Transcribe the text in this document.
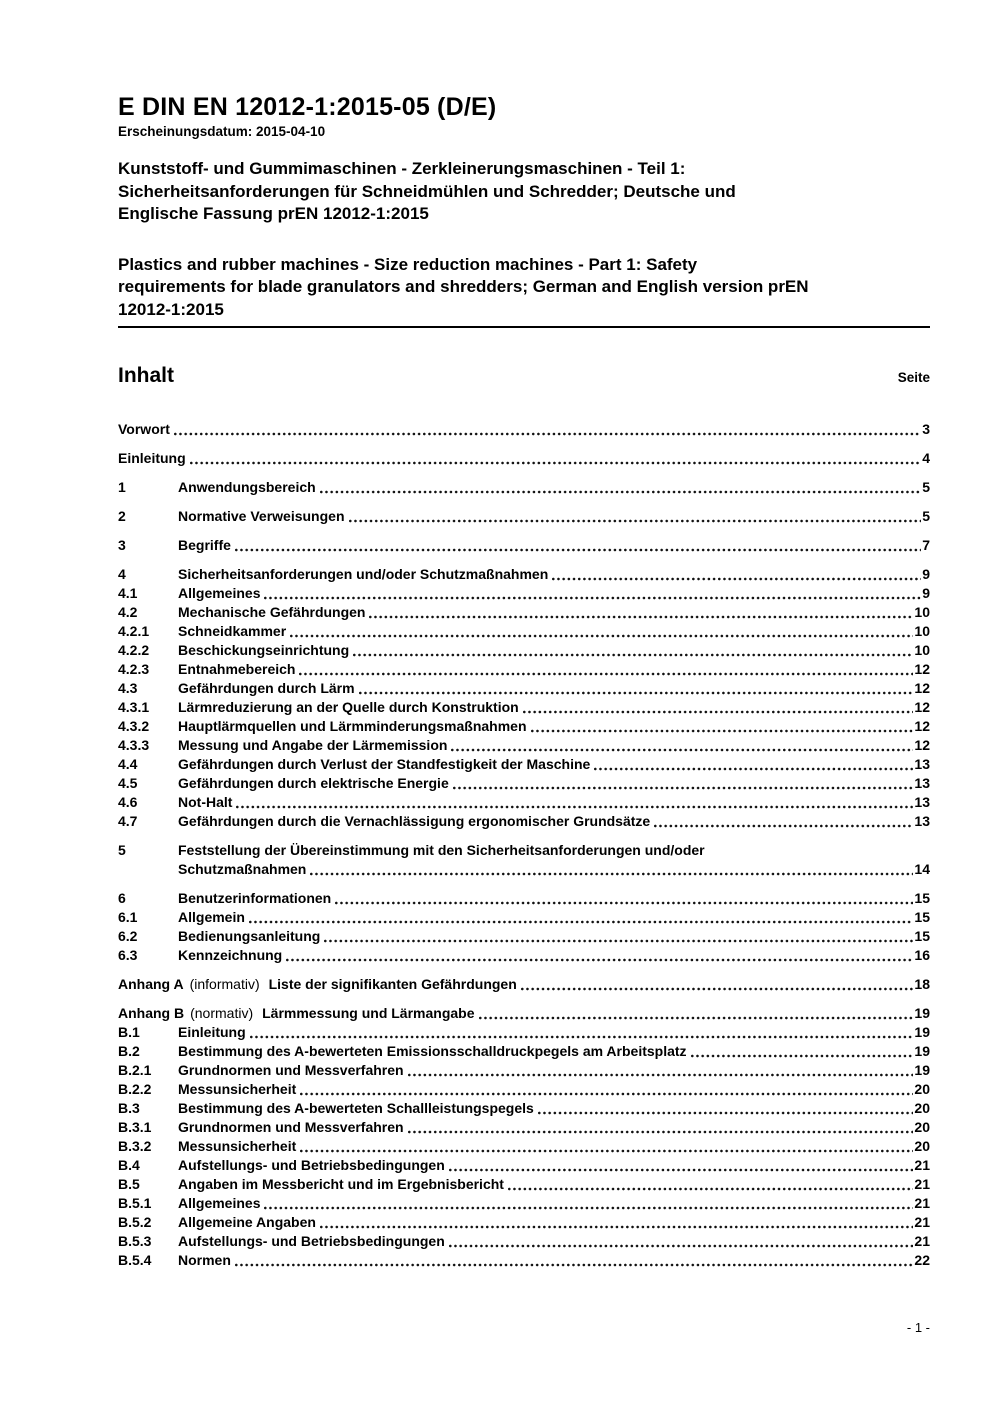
E DIN EN 12012-1:2015-05 (D/E)
Erscheinungsdatum: 2015-04-10
Kunststoff- und Gummimaschinen - Zerkleinerungsmaschinen - Teil 1:
Sicherheitsanforderungen für Schneidmühlen und Schredder; Deutsche und
Englische Fassung prEN 12012-1:2015
Plastics and rubber machines - Size reduction machines - Part 1: Safety
requirements for blade granulators and shredders; German and English version prEN
12012-1:2015
Inhalt	Seite
Vorwort	3
Einleitung	4
1	Anwendungsbereich	5
2	Normative Verweisungen	5
3	Begriffe	7
4	Sicherheitsanforderungen und/oder Schutzmaßnahmen	9
4.1	Allgemeines	9
4.2	Mechanische Gefährdungen	10
4.2.1	Schneidkammer	10
4.2.2	Beschickungseinrichtung	10
4.2.3	Entnahmebereich	12
4.3	Gefährdungen durch Lärm	12
4.3.1	Lärmreduzierung an der Quelle durch Konstruktion	12
4.3.2	Hauptlärmquellen und Lärmminderungsmaßnahmen	12
4.3.3	Messung und Angabe der Lärmemission	12
4.4	Gefährdungen durch Verlust der Standfestigkeit der Maschine	13
4.5	Gefährdungen durch elektrische Energie	13
4.6	Not-Halt	13
4.7	Gefährdungen durch die Vernachlässigung ergonomischer Grundsätze	13
5	Feststellung der Übereinstimmung mit den Sicherheitsanforderungen und/oder
Schutzmaßnahmen	14
6	Benutzerinformationen	15
6.1	Allgemein	15
6.2	Bedienungsanleitung	15
6.3	Kennzeichnung	16
Anhang A (informativ) Liste der signifikanten Gefährdungen	18
Anhang B (normativ) Lärmmessung und Lärmangabe	19
B.1	Einleitung	19
B.2	Bestimmung des A-bewerteten Emissionsschalldruckpegels am Arbeitsplatz	19
B.2.1	Grundnormen und Messverfahren	19
B.2.2	Messunsicherheit	20
B.3	Bestimmung des A-bewerteten Schallleistungspegels	20
B.3.1	Grundnormen und Messverfahren	20
B.3.2	Messunsicherheit	20
B.4	Aufstellungs- und Betriebsbedingungen	21
B.5	Angaben im Messbericht und im Ergebnisbericht	21
B.5.1	Allgemeines	21
B.5.2	Allgemeine Angaben	21
B.5.3	Aufstellungs- und Betriebsbedingungen	21
B.5.4	Normen	22
- 1 -
